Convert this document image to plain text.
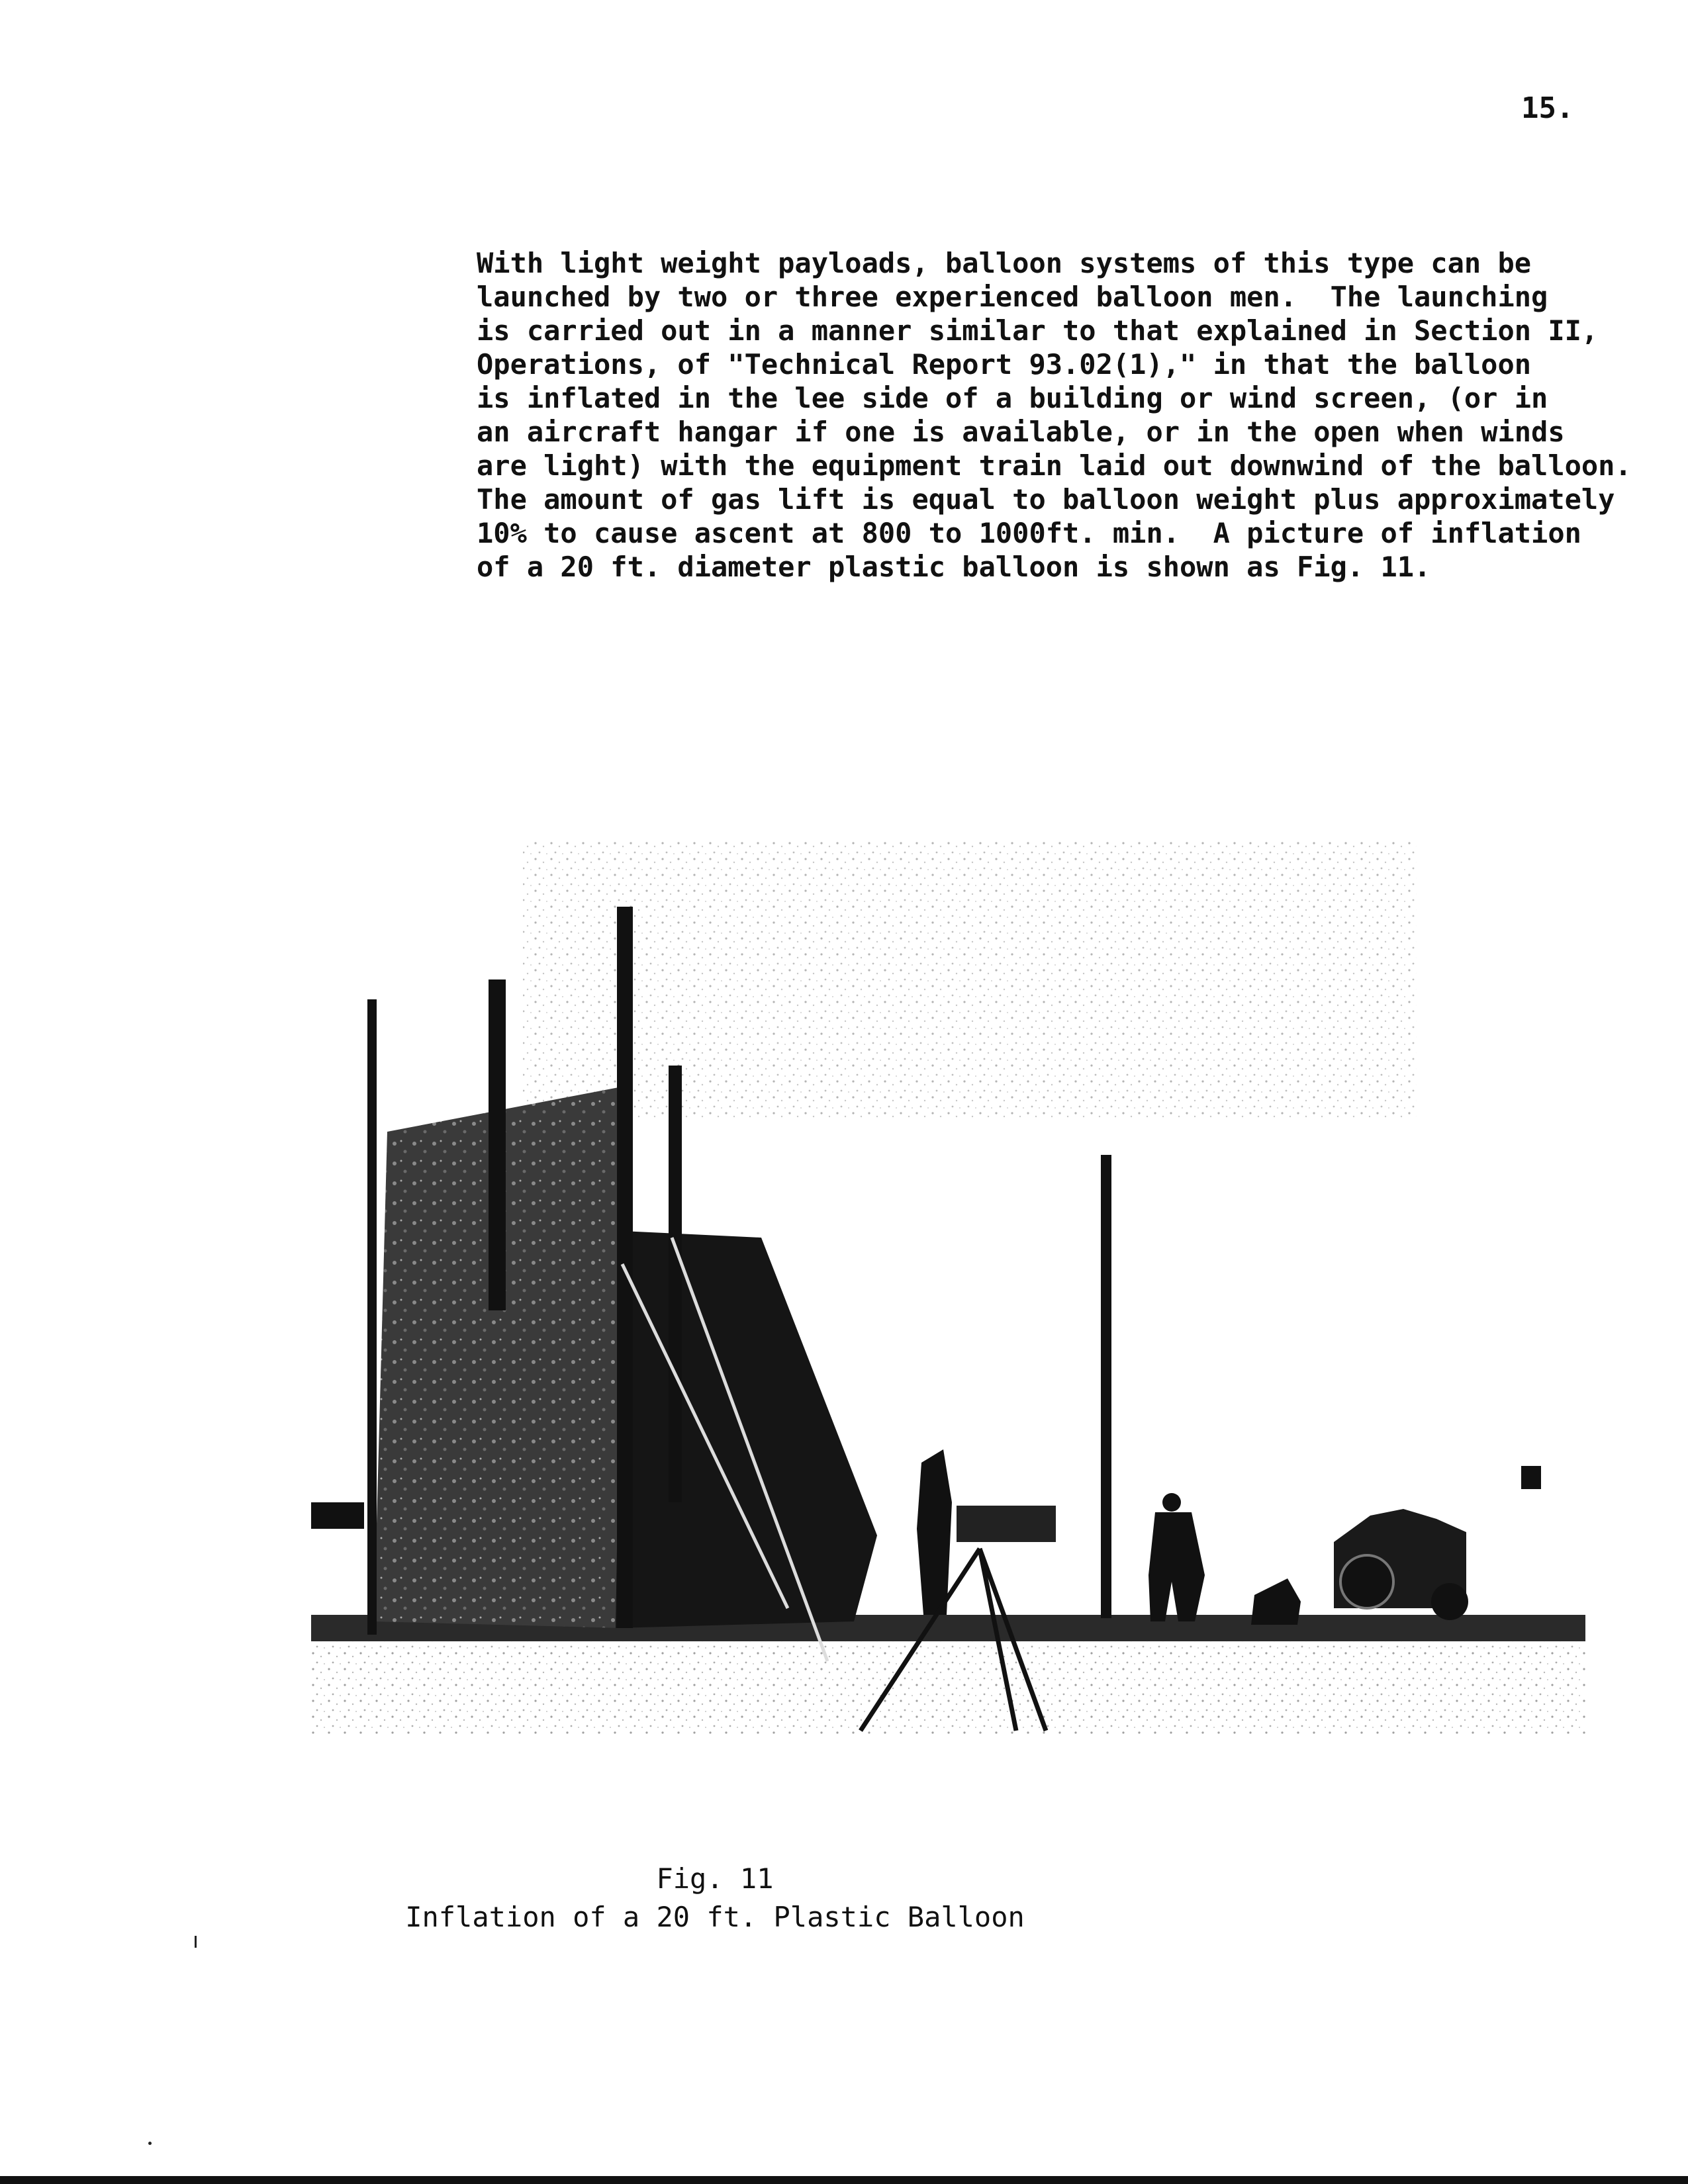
15.
With light weight payloads, balloon systems of this type can be
launched by two or three experienced balloon men.  The launching
is carried out in a manner similar to that explained in Section II,
Operations, of "Technical Report 93.02(1)," in that the balloon
is inflated in the lee side of a building or wind screen, (or in
an aircraft hangar if one is available, or in the open when winds
are light) with the equipment train laid out downwind of the balloon.
The amount of gas lift is equal to balloon weight plus approximately
10% to cause ascent at 800 to 1000ft. min.  A picture of inflation
of a 20 ft. diameter plastic balloon is shown as Fig. 11.
Fig. 11
Inflation of a 20 ft. Plastic Balloon
